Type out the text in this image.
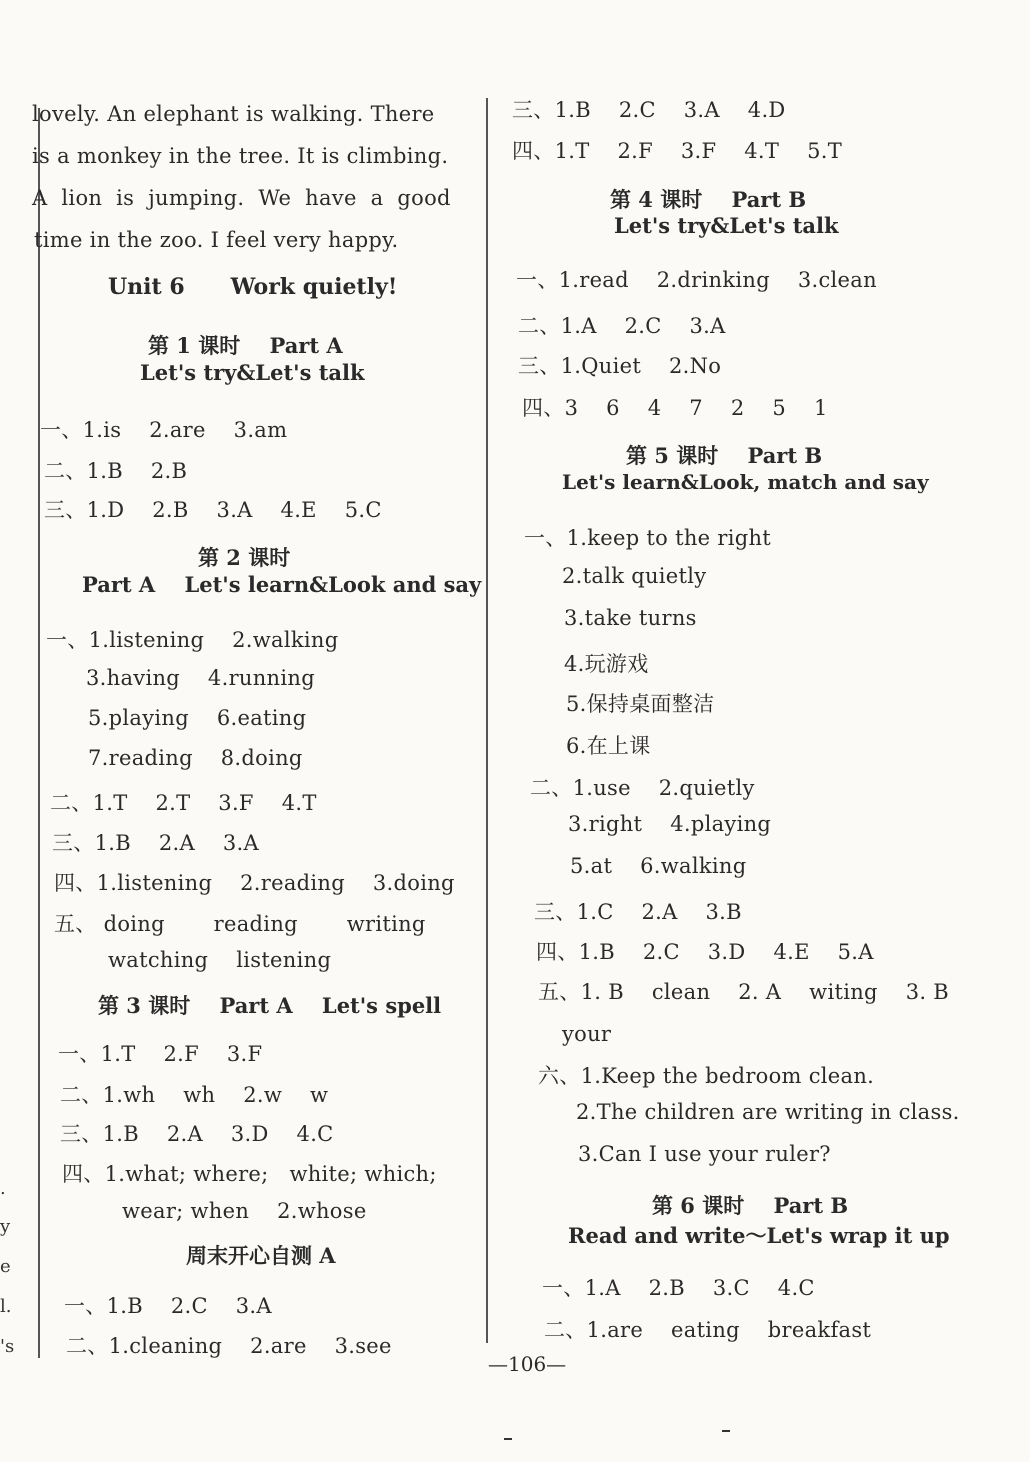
.
y
e
l.
's
lovely. An elephant is walking. There
is a monkey in the tree. It is climbing.
A  lion  is  jumping.  We  have  a  good
time in the zoo. I feel very happy.
Unit 6      Work quietly!
第 1 课时    Part A
Let's try&Let's talk
一、1.is    2.are    3.am
二、1.B    2.B
三、1.D    2.B    3.A    4.E    5.C
第 2 课时
Part A    Let's learn&Look and say
一、1.listening    2.walking
3.having    4.running
5.playing    6.eating
7.reading    8.doing
二、1.T    2.T    3.F    4.T
三、1.B    2.A    3.A
四、1.listening    2.reading    3.doing
五、 doing       reading       writing
watching    listening
第 3 课时    Part A    Let's spell
一、1.T    2.F    3.F
二、1.wh    wh    2.w    w
三、1.B    2.A    3.D    4.C
四、1.what; where;   white; which;
wear; when    2.whose
周末开心自测 A
一、1.B    2.C    3.A
二、1.cleaning    2.are    3.see
三、1.B    2.C    3.A    4.D
四、1.T    2.F    3.F    4.T    5.T
第 4 课时    Part B
Let's try&Let's talk
一、1.read    2.drinking    3.clean
二、1.A    2.C    3.A
三、1.Quiet    2.No
四、3    6    4    7    2    5    1
第 5 课时    Part B
Let's learn&Look, match and say
一、1.keep to the right
2.talk quietly
3.take turns
4.玩游戏
5.保持桌面整洁
6.在上课
二、1.use    2.quietly
3.right    4.playing
5.at    6.walking
三、1.C    2.A    3.B
四、1.B    2.C    3.D    4.E    5.A
五、1. B    clean    2. A    witing    3. B
your
六、1.Keep the bedroom clean.
2.The children are writing in class.
3.Can I use your ruler?
第 6 课时    Part B
Read and write～Let's wrap it up
一、1.A    2.B    3.C    4.C
二、1.are    eating    breakfast
—106—
